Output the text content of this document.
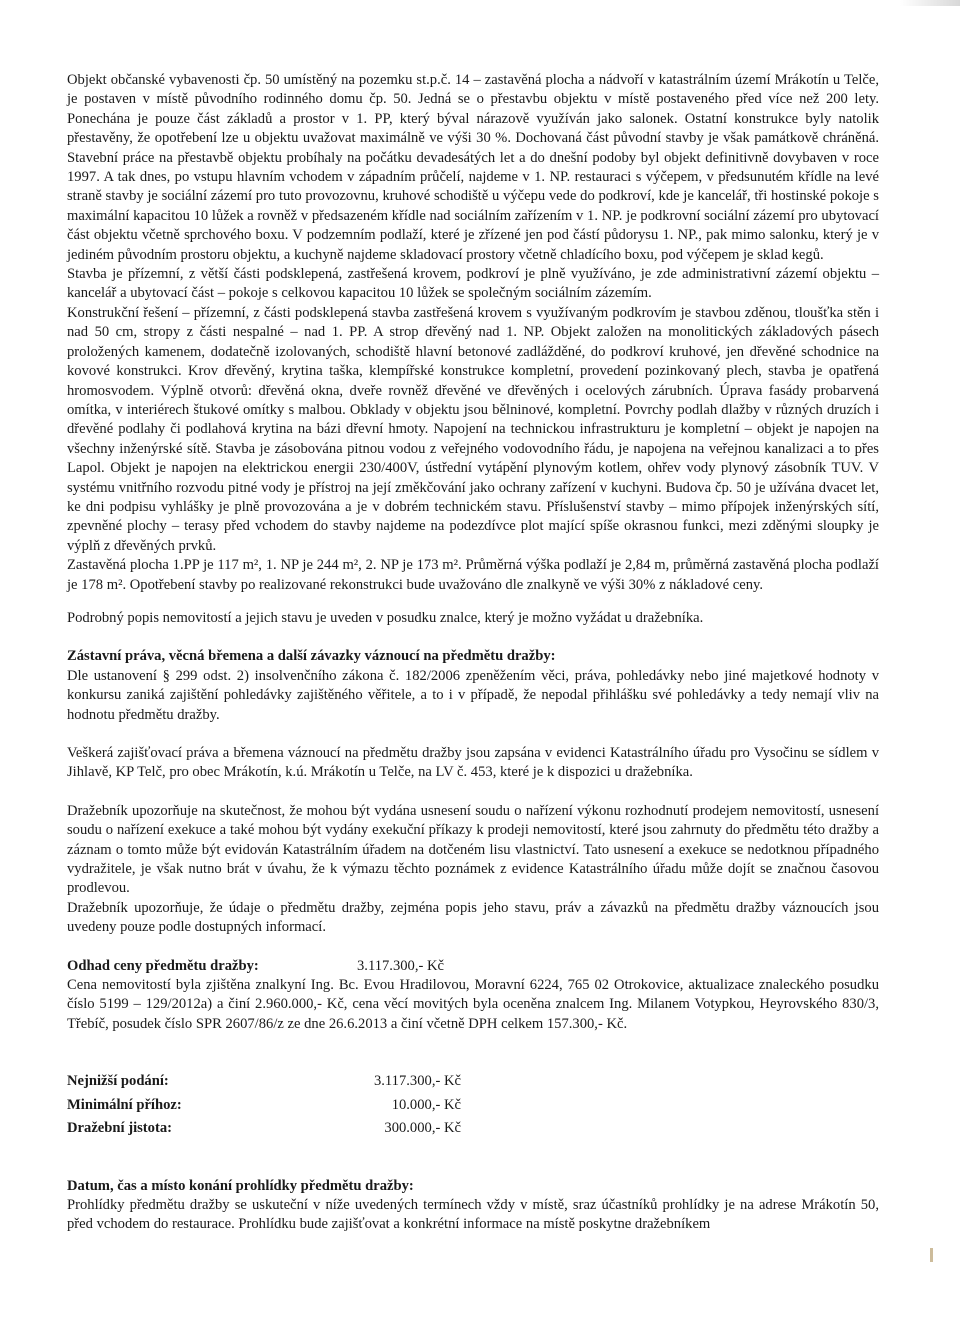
Objekt občanské vybavenosti čp. 50 umístěný na pozemku st.p.č. 14 – zastavěná plocha a nádvoří v katastrálním území Mrákotín u Telče, je postaven v místě původního rodinného domu čp. 50. Jedná se o přestavbu objektu v místě postaveného před více než 200 lety. Ponechána je pouze část základů a prostor v 1. PP, který býval nárazově využíván jako salonek. Ostatní konstrukce byly natolik přestavěny, že opotřebení lze u objektu uvažovat maximálně ve výši 30 %. Dochovaná část původní stavby je však památkově chráněná. Stavební práce na přestavbě objektu probíhaly na počátku devadesátých let a do dnešní podoby byl objekt definitivně dovybaven v roce 1997. A tak dnes, po vstupu hlavním vchodem v západním průčelí, najdeme v 1. NP. restauraci s výčepem, v předsunutém křídle na levé straně stavby je sociální zázemí pro tuto provozovnu, kruhové schodiště u výčepu vede do podkroví, kde je kancelář, tři hostinské pokoje s maximální kapacitou 10 lůžek a rovněž v předsazeném křídle nad sociálním zařízením v 1. NP. je podkrovní sociální zázemí pro ubytovací část objektu včetně sprchového boxu. V podzemním podlaží, které je zřízené jen pod částí půdorysu 1. NP., pak mimo salonku, který je v jediném původním prostoru objektu, a kuchyně najdeme skladovací prostory včetně chladícího boxu, pod výčepem je sklad kegů.

Stavba je přízemní, z větší části podsklepená, zastřešená krovem, podkroví je plně využíváno, je zde administrativní zázemí objektu – kancelář a ubytovací část – pokoje s celkovou kapacitou 10 lůžek se společným sociálním zázemím.

Konstrukční řešení – přízemní, z části podsklepená stavba zastřešená krovem s využívaným podkrovím je stavbou zděnou, tloušťka stěn i nad 50 cm, stropy z části nespalné – nad 1. PP. A strop dřevěný nad 1. NP. Objekt založen na monolitických základových pásech proložených kamenem, dodatečně izolovaných, schodiště hlavní betonové zadlážděné, do podkroví kruhové, jen dřevěné schodnice na kovové konstrukci. Krov dřevěný, krytina taška, klempířské konstrukce kompletní, provedení pozinkovaný plech, stavba je opatřená hromosvodem. Výplně otvorů: dřevěná okna, dveře rovněž dřevěné ve dřevěných i ocelových zárubních. Úprava fasády probarvená omítka, v interiérech štukové omítky s malbou. Obklady v objektu jsou bělninové, kompletní. Povrchy podlah dlažby v různých druzích i dřevěné podlahy či podlahová krytina na bázi dřevní hmoty. Napojení na technickou infrastrukturu je kompletní – objekt je napojen na všechny inženýrské sítě. Stavba je zásobována pitnou vodou z veřejného vodovodního řádu, je napojena na veřejnou kanalizaci a to přes Lapol. Objekt je napojen na elektrickou energii 230/400V, ústřední vytápění plynovým kotlem, ohřev vody plynový zásobník TUV. V systému vnitřního rozvodu pitné vody je přístroj na její změkčování jako ochrany zařízení v kuchyni. Budova čp. 50 je užívána dvacet let, ke dni podpisu vyhlášky je plně provozována a je v dobrém technickém stavu. Příslušenství stavby – mimo přípojek inženýrských sítí, zpevněné plochy – terasy před vchodem do stavby najdeme na podezdívce plot mající spíše okrasnou funkci, mezi zděnými sloupky je výplň z dřevěných prvků.

Zastavěná plocha 1.PP je 117 m², 1. NP je 244 m², 2. NP je 173 m². Průměrná výška podlaží je 2,84 m, průměrná zastavěná plocha podlaží je 178 m². Opotřebení stavby po realizované rekonstrukci bude uvažováno dle znalkyně ve výši 30% z nákladové ceny.

Podrobný popis nemovitostí a jejich stavu je uveden v posudku znalce, který je možno vyžádat u dražebníka.

Zástavní práva, věcná břemena a další závazky váznoucí na předmětu dražby:

Dle ustanovení § 299 odst. 2) insolvenčního zákona č. 182/2006 zpeněžením věci, práva, pohledávky nebo jiné majetkové hodnoty v konkursu zaniká zajištění pohledávky zajištěného věřitele, a to i v případě, že nepodal přihlášku své pohledávky a tedy nemají vliv na hodnotu předmětu dražby.

Veškerá zajišťovací práva a břemena váznoucí na předmětu dražby jsou zapsána v evidenci Katastrálního úřadu pro Vysočinu se sídlem v Jihlavě, KP Telč, pro obec Mrákotín, k.ú. Mrákotín u Telče, na LV č. 453, které je k dispozici u dražebníka.

Dražebník upozorňuje na skutečnost, že mohou být vydána usnesení soudu o nařízení výkonu rozhodnutí prodejem nemovitostí, usnesení soudu o nařízení exekuce a také mohou být vydány exekuční příkazy k prodeji nemovitostí, které jsou zahrnuty do předmětu této dražby a záznam o tomto může být evidován Katastrálním úřadem na dotčeném lisu vlastnictví. Tato usnesení a exekuce se nedotknou případného vydražitele, je však nutno brát v úvahu, že k výmazu těchto poznámek z evidence Katastrálního úřadu může dojít se značnou časovou prodlevou.

Dražebník upozorňuje, že údaje o předmětu dražby, zejména popis jeho stavu, práv a závazků na předmětu dražby váznoucích jsou uvedeny pouze podle dostupných informací.

Odhad ceny předmětu dražby:	3.117.300,- Kč

Cena nemovitostí byla zjištěna znalkyní Ing. Bc. Evou Hradilovou, Moravní 6224, 765 02 Otrokovice, aktualizace znaleckého posudku číslo 5199 – 129/2012a) a činí 2.960.000,- Kč, cena věcí movitých byla oceněna znalcem Ing. Milanem Votypkou, Heyrovského 830/3, Třebíč, posudek číslo SPR 2607/86/z ze dne 26.6.2013 a činí včetně DPH celkem 157.300,- Kč.

Nejnižší podání:	3.117.300,- Kč
Minimální příhoz:	10.000,- Kč
Dražební jistota:	300.000,- Kč

Datum, čas a místo konání prohlídky předmětu dražby:

Prohlídky předmětu dražby se uskuteční v níže uvedených termínech vždy v místě, sraz účastníků prohlídky je na adrese Mrákotín 50, před vchodem do restaurace. Prohlídku bude zajišťovat a konkrétní informace na místě poskytne dražebníkem
